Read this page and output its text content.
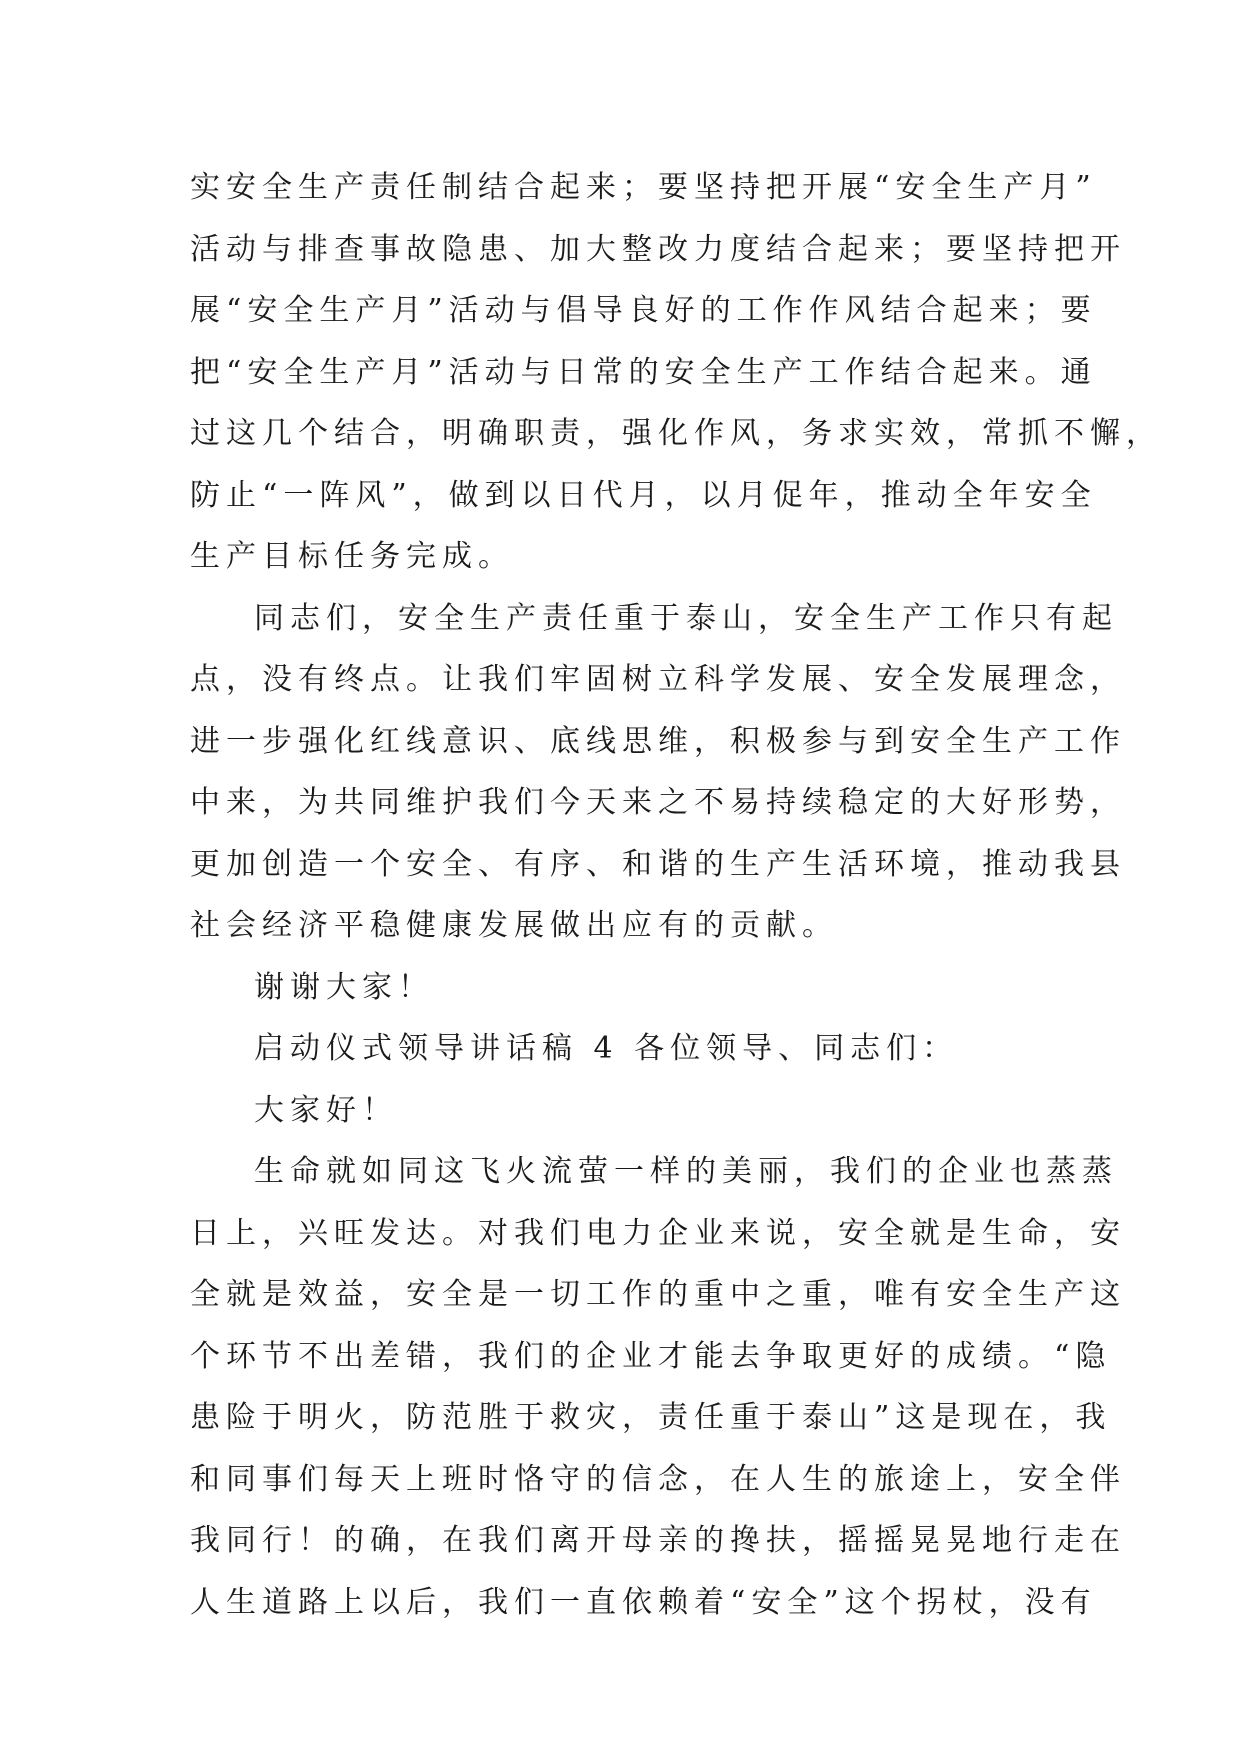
实安全生产责任制结合起来；要坚持把开展“安全生产月”
活动与排查事故隐患、加大整改力度结合起来；要坚持把开
展“安全生产月”活动与倡导良好的工作作风结合起来；要
把“安全生产月”活动与日常的安全生产工作结合起来。通
过这几个结合，明确职责，强化作风，务求实效，常抓不懈，
防止“一阵风”，做到以日代月，以月促年，推动全年安全
生产目标任务完成。
同志们，安全生产责任重于泰山，安全生产工作只有起
点，没有终点。让我们牢固树立科学发展、安全发展理念，
进一步强化红线意识、底线思维，积极参与到安全生产工作
中来，为共同维护我们今天来之不易持续稳定的大好形势，
更加创造一个安全、有序、和谐的生产生活环境，推动我县
社会经济平稳健康发展做出应有的贡献。
谢谢大家！
启动仪式领导讲话稿 4 各位领导、同志们：
大家好！
生命就如同这飞火流萤一样的美丽，我们的企业也蒸蒸
日上，兴旺发达。对我们电力企业来说，安全就是生命，安
全就是效益，安全是一切工作的重中之重，唯有安全生产这
个环节不出差错，我们的企业才能去争取更好的成绩。“隐
患险于明火，防范胜于救灾，责任重于泰山”这是现在，我
和同事们每天上班时恪守的信念，在人生的旅途上，安全伴
我同行！的确，在我们离开母亲的搀扶，摇摇晃晃地行走在
人生道路上以后，我们一直依赖着“安全”这个拐杖，没有
